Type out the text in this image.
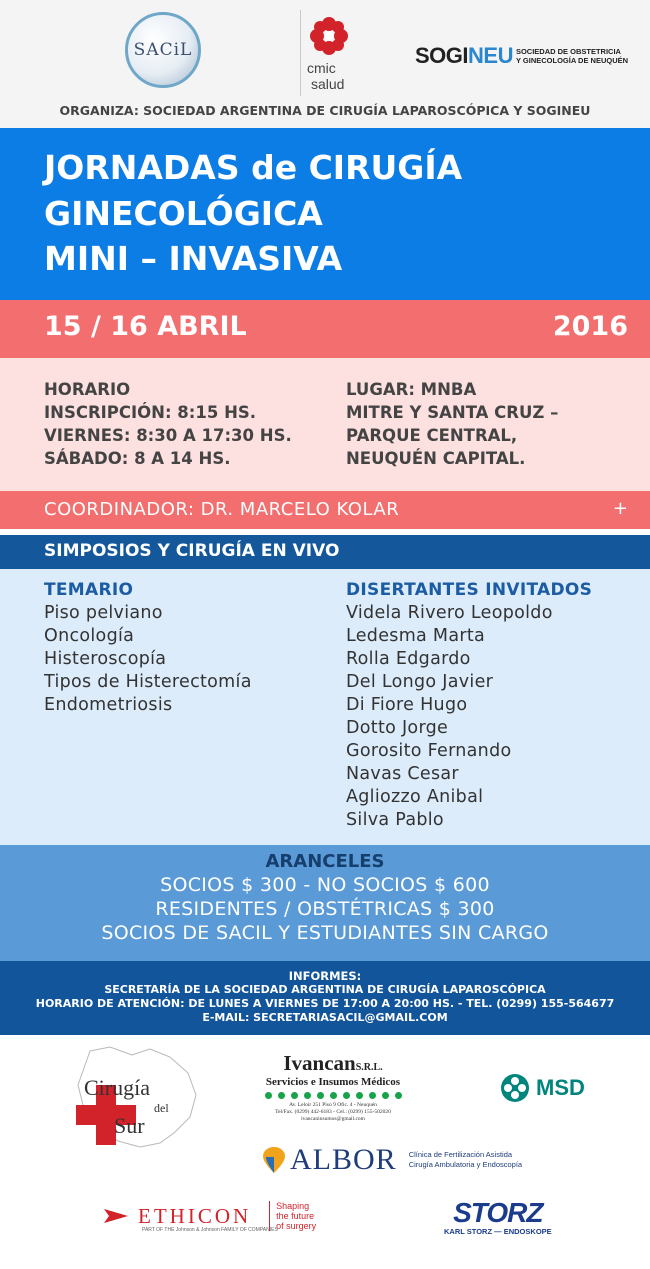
SACiL
cmic
salud
SOGINEU SOCIEDAD DE OBSTETRICIA
Y GINECOLOGÍA DE NEUQUÉN
ORGANIZA: SOCIEDAD ARGENTINA DE CIRUGÍA LAPAROSCÓPICA Y SOGINEU
JORNADAS de CIRUGÍA
GINECOLÓGICA
MINI – INVASIVA
15 / 16 ABRIL	2016
HORARIO
INSCRIPCIÓN: 8:15 HS.
VIERNES: 8:30 A 17:30 HS.
SÁBADO: 8 A 14 HS.
LUGAR: MNBA
MITRE Y SANTA CRUZ –
PARQUE CENTRAL,
NEUQUÉN CAPITAL.
COORDINADOR: DR. MARCELO KOLAR	+
SIMPOSIOS Y CIRUGÍA EN VIVO
TEMARIO
Piso pelviano
Oncología
Histeroscopía
Tipos de Histerectomía
Endometriosis
DISERTANTES INVITADOS
Videla Rivero Leopoldo
Ledesma Marta
Rolla Edgardo
Del Longo Javier
Di Fiore Hugo
Dotto Jorge
Gorosito Fernando
Navas Cesar
Agliozzo Anibal
Silva Pablo
ARANCELES
SOCIOS $ 300 - NO SOCIOS $ 600
RESIDENTES / OBSTÉTRICAS $ 300
SOCIOS DE SACIL Y ESTUDIANTES SIN CARGO
INFORMES:
SECRETARÍA DE LA SOCIEDAD ARGENTINA DE CIRUGÍA LAPAROSCÓPICA
HORARIO DE ATENCIÓN: DE LUNES A VIERNES DE 17:00 A 20:00 HS. - TEL. (0299) 155-564677
E-MAIL: SECRETARIASACIL@GMAIL.COM
Cirugía
del
Sur
IvancanS.R.L.
Servicios e Insumos Médicos
Av. Leloir 251 Piso 9 Ofic. 4 - Neuquén
Tel/Fax. (0299) 442-6183 - Cel.: (0299) 155-502020
ivancaninsumos@gmail.com
MSD
ALBOR Clínica de Fertilización Asistida
Cirugía Ambulatoria y Endoscopía
ETHICON
PART OF THE Johnson & Johnson FAMILY OF COMPANIES
Shaping
the future
of surgery	STORZ
KARL STORZ — ENDOSKOPE
